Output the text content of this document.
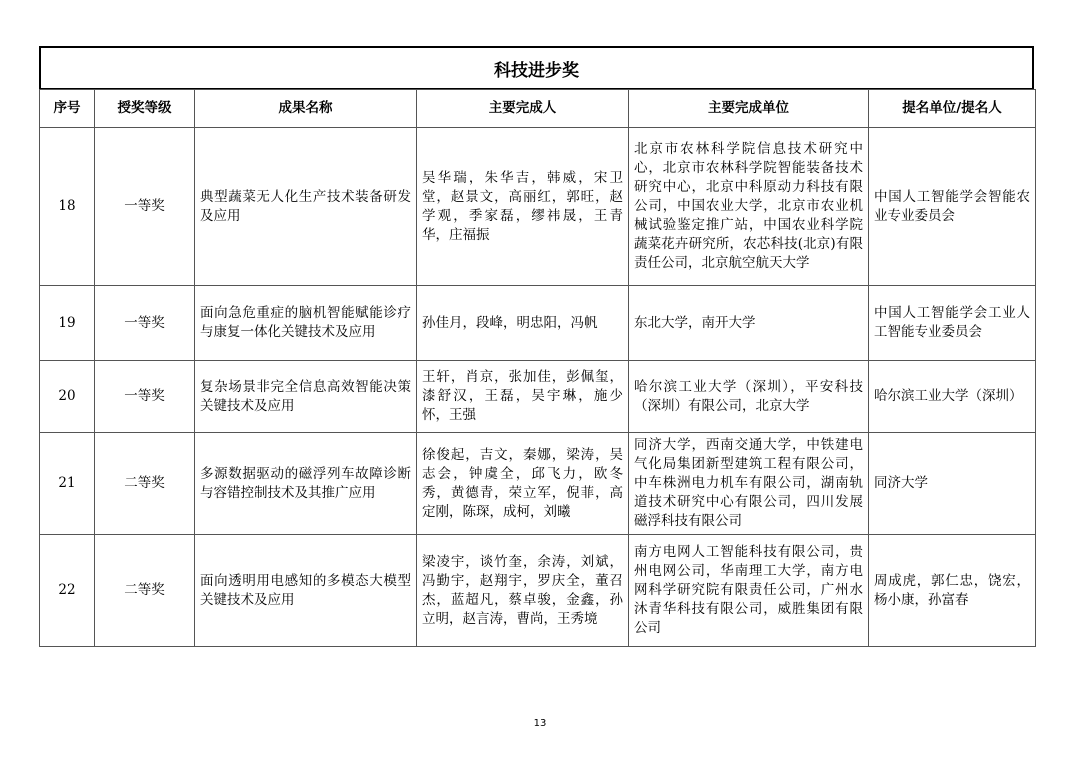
科技进步奖
序号	授奖等级	成果名称	主要完成人	主要完成单位	提名单位/提名人
18	一等奖	典型蔬菜无人化生产技术装备研发及应用	吴华瑞，朱华吉，韩威，宋卫堂，赵景文，高丽红，郭旺，赵学观，季家磊，缪祎晟，王青华，庄福振	北京市农林科学院信息技术研究中心，北京市农林科学院智能装备技术研究中心，北京中科原动力科技有限公司，中国农业大学，北京市农业机械试验鉴定推广站，中国农业科学院蔬菜花卉研究所，农芯科技(北京)有限责任公司，北京航空航天大学	中国人工智能学会智能农业专业委员会
19	一等奖	面向急危重症的脑机智能赋能诊疗与康复一体化关键技术及应用	孙佳月，段峰，明忠阳，冯帆	东北大学，南开大学	中国人工智能学会工业人工智能专业委员会
20	一等奖	复杂场景非完全信息高效智能决策关键技术及应用	王轩，肖京，张加佳，彭佩玺，漆舒汉，王磊，吴宇琳，施少怀，王强	哈尔滨工业大学（深圳），平安科技（深圳）有限公司，北京大学	哈尔滨工业大学（深圳）
21	二等奖	多源数据驱动的磁浮列车故障诊断与容错控制技术及其推广应用	徐俊起，吉文，秦娜，梁涛，吴志会，钟虞全，邱飞力，欧冬秀，黄德青，荣立军，倪菲，高定刚，陈琛，成柯，刘曦	同济大学，西南交通大学，中铁建电气化局集团新型建筑工程有限公司，中车株洲电力机车有限公司，湖南轨道技术研究中心有限公司，四川发展磁浮科技有限公司	同济大学
22	二等奖	面向透明用电感知的多模态大模型关键技术及应用	梁凌宇，谈竹奎，余涛，刘斌，冯勤宇，赵翔宇，罗庆全，董召杰，蓝超凡，蔡卓骏，金鑫，孙立明，赵言涛，曹尚，王秀境	南方电网人工智能科技有限公司，贵州电网公司，华南理工大学，南方电网科学研究院有限责任公司，广州水沐青华科技有限公司，威胜集团有限公司	周成虎，郭仁忠，饶宏，杨小康，孙富春
13
